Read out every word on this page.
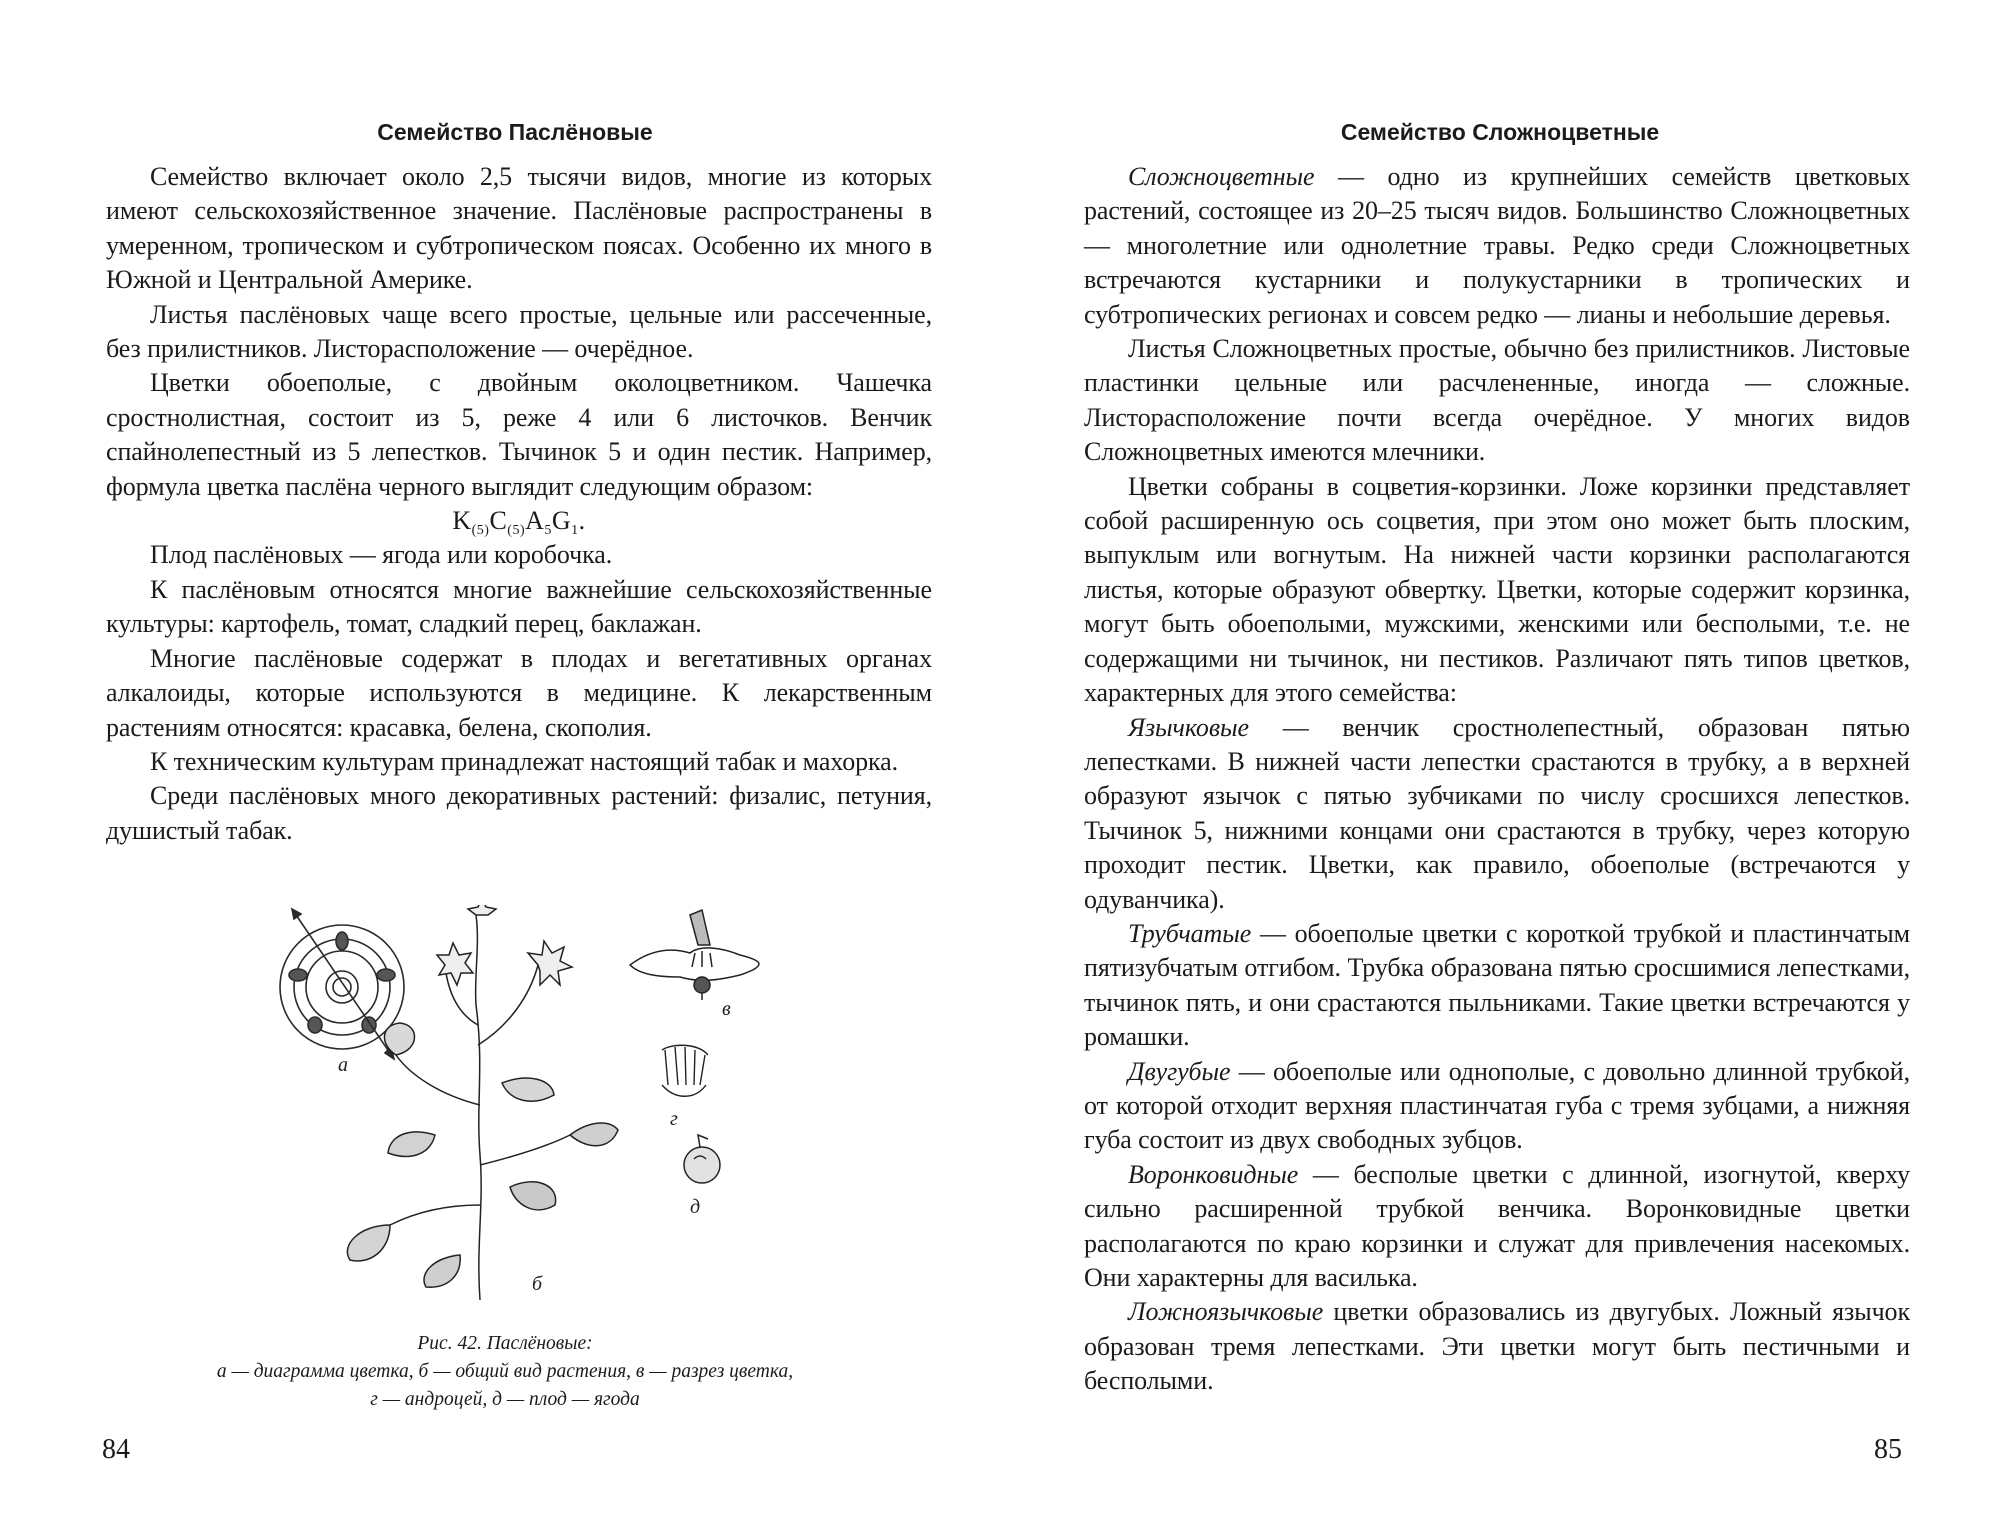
Семейство Паслёновые

Семейство включает около 2,5 тысячи видов, многие из которых имеют сельскохозяйственное значение. Паслёновые распространены в умеренном, тропическом и субтропическом поясах. Особенно их много в Южной и Центральной Америке.

Листья паслёновых чаще всего простые, цельные или рассеченные, без прилистников. Листорасположение — очерёдное.

Цветки обоеполые, с двойным околоцветником. Чашечка сростнолистная, состоит из 5, реже 4 или 6 листочков. Венчик спайнолепестный из 5 лепестков. Тычинок 5 и один пестик. Например, формула цветка паслёна черного выглядит следующим образом:

$K_{(5)}C_{(5)}A_5G_1$.

Плод паслёновых — ягода или коробочка.

К паслёновым относятся многие важнейшие сельскохозяйственные культуры: картофель, томат, сладкий перец, баклажан.

Многие паслёновые содержат в плодах и вегетативных органах алкалоиды, которые используются в медицине. К лекарственным растениям относятся: красавка, белена, скополия.

К техническим культурам принадлежат настоящий табак и махорка.

Среди паслёновых много декоративных растений: физалис, петуния, душистый табак.

а
б
в
г
д
Рис. 42. Паслёновые:
а — диаграмма цветка, б — общий вид растения, в — разрез цветка,
г — андроцей, д — плод — ягода
84
Семейство Сложноцветные

Сложноцветные — одно из крупнейших семейств цветковых растений, состоящее из 20–25 тысяч видов. Большинство Сложноцветных — многолетние или однолетние травы. Редко среди Сложноцветных встречаются кустарники и полукустарники в тропических и субтропических регионах и совсем редко — лианы и небольшие деревья.

Листья Сложноцветных простые, обычно без прилистников. Листовые пластинки цельные или расчлененные, иногда — сложные. Листорасположение почти всегда очерёдное. У многих видов Сложноцветных имеются млечники.

Цветки собраны в соцветия-корзинки. Ложе корзинки представляет собой расширенную ось соцветия, при этом оно может быть плоским, выпуклым или вогнутым. На нижней части корзинки располагаются листья, которые образуют обвертку. Цветки, которые содержит корзинка, могут быть обоеполыми, мужскими, женскими или бесполыми, т.е. не содержащими ни тычинок, ни пестиков. Различают пять типов цветков, характерных для этого семейства:

Язычковые — венчик сростнолепестный, образован пятью лепестками. В нижней части лепестки срастаются в трубку, а в верхней образуют язычок с пятью зубчиками по числу сросшихся лепестков. Тычинок 5, нижними концами они срастаются в трубку, через которую проходит пестик. Цветки, как правило, обоеполые (встречаются у одуванчика).

Трубчатые — обоеполые цветки с короткой трубкой и пластинчатым пятизубчатым отгибом. Трубка образована пятью сросшимися лепестками, тычинок пять, и они срастаются пыльниками. Такие цветки встречаются у ромашки.

Двугубые — обоеполые или однополые, с довольно длинной трубкой, от которой отходит верхняя пластинчатая губа с тремя зубцами, а нижняя губа состоит из двух свободных зубцов.

Воронковидные — бесполые цветки с длинной, изогнутой, кверху сильно расширенной трубкой венчика. Воронковидные цветки располагаются по краю корзинки и служат для привлечения насекомых. Они характерны для василька.

Ложноязычковые цветки образовались из двугубых. Ложный язычок образован тремя лепестками. Эти цветки могут быть пестичными и бесполыми.

85
